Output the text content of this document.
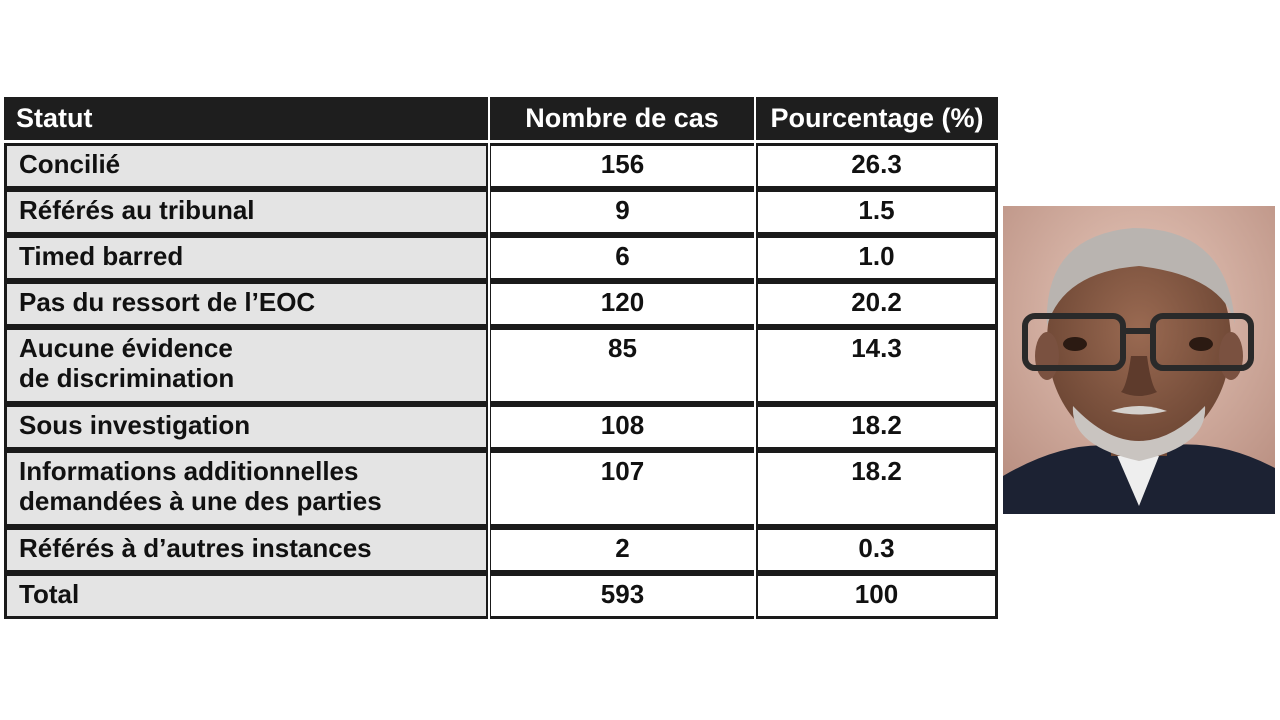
Statut	Nombre de cas	Pourcentage (%)
Concilié	156	26.3
Référés au tribunal	9	1.5
Timed barred	6	1.0
Pas du ressort de l’EOC	120	20.2
Aucune évidence
de discrimination
85	14.3
Sous investigation	108	18.2
Informations additionnelles
demandées à une des parties
107	18.2
Référés à d’autres instances	2	0.3
Total	593	100
